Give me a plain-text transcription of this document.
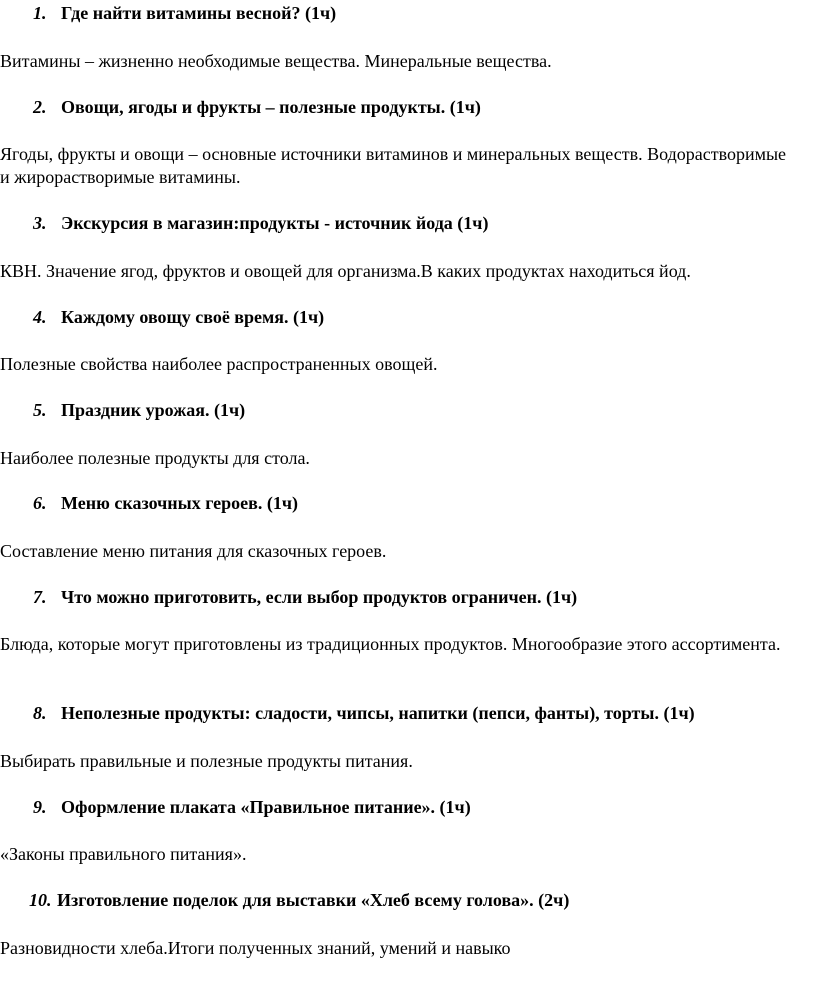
1. Где найти витамины весной? (1ч)
Витамины – жизненно необходимые вещества. Минеральные вещества.
2. Овощи, ягоды и фрукты – полезные продукты. (1ч)
Ягоды, фрукты и овощи – основные источники витаминов и минеральных веществ. Водорастворимые и жирорастворимые витамины.
3. Экскурсия в магазин:продукты - источник йода (1ч)
КВН. Значение ягод, фруктов и овощей для организма.В каких продуктах находиться йод.
4. Каждому овощу своё время. (1ч)
Полезные свойства наиболее распространенных овощей.
5. Праздник урожая. (1ч)
Наиболее полезные продукты для стола.
6. Меню сказочных героев. (1ч)
Составление меню питания для сказочных героев.
7. Что можно приготовить, если выбор продуктов ограничен. (1ч)
Блюда, которые могут приготовлены из традиционных продуктов. Многообразие этого ассортимента.
8. Неполезные продукты: сладости, чипсы, напитки (пепси, фанты), торты. (1ч)
Выбирать правильные и полезные продукты питания.
9. Оформление плаката «Правильное питание». (1ч)
«Законы правильного питания».
10. Изготовление поделок для выставки «Хлеб всему голова». (2ч)
Разновидности хлеба.Итоги полученных знаний, умений и навыко
